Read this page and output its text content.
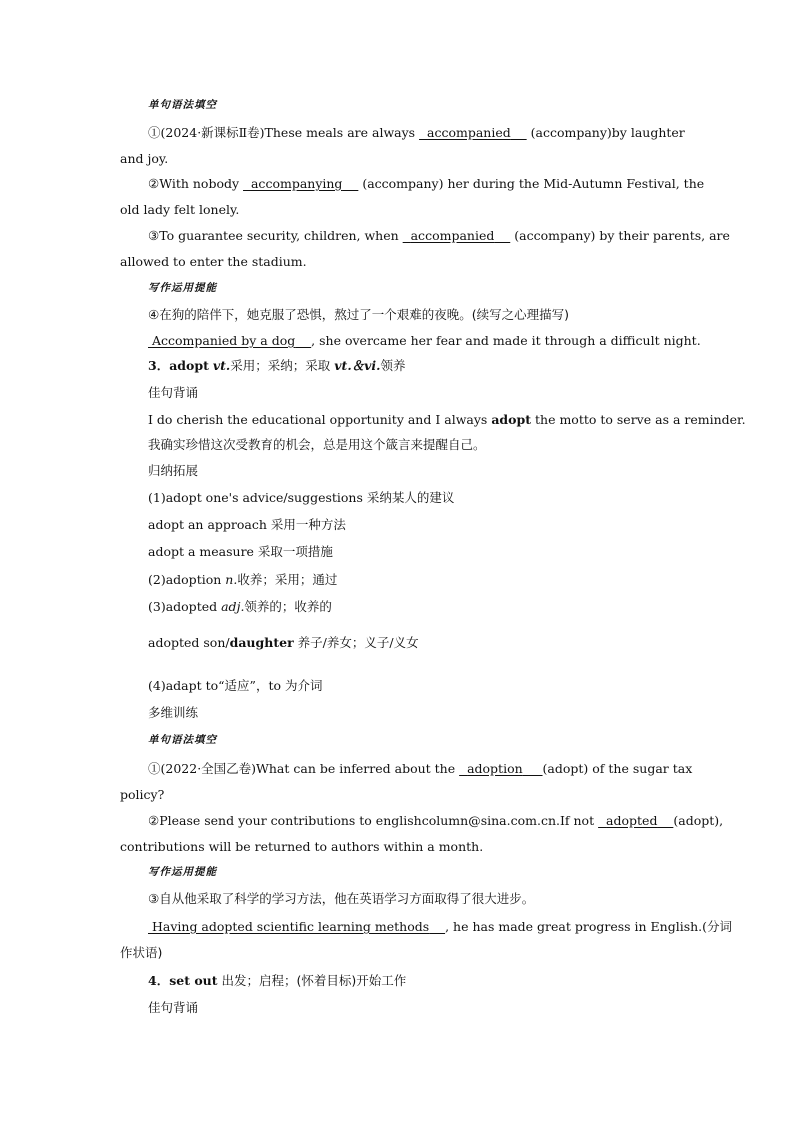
单句语法填空
①(2024·新课标Ⅱ卷)These meals are always accompanied (accompany)by laughter
and joy.
②With nobody accompanying (accompany) her during the Mid-Autumn Festival, the
old lady felt lonely.
③To guarantee security, children, when accompanied (accompany) by their parents, are
allowed to enter the stadium.
写作运用提能
④在狗的陪伴下，她克服了恐惧，熬过了一个艰难的夜晚。(续写之心理描写)
Accompanied by a dog , she overcame her fear and made it through a difficult night.
3．adopt vt.采用；采纳；采取 vt.＆vi.领养
佳句背诵
I do cherish the educational opportunity and I always adopt the motto to serve as a reminder.
我确实珍惜这次受教育的机会，总是用这个箴言来提醒自己。
归纳拓展
(1)adopt one's advice/suggestions 采纳某人的建议
adopt an approach 采用一种方法
adopt a measure 采取一项措施
(2)adoption n.收养；采用；通过
(3)adopted adj.领养的；收养的
adopted son/daughter 养子/养女；义子/义女
(4)adapt to“适应”，to 为介词
多维训练
单句语法填空
①(2022·全国乙卷)What can be inferred about the adoption (adopt) of the sugar tax
policy?
②Please send your contributions to englishcolumn@sina.com.cn.If not adopted (adopt),
contributions will be returned to authors within a month.
写作运用提能
③自从他采取了科学的学习方法，他在英语学习方面取得了很大进步。
Having adopted scientific learning methods , he has made great progress in English.(分词
作状语)
4．set out 出发；启程；(怀着目标)开始工作
佳句背诵
